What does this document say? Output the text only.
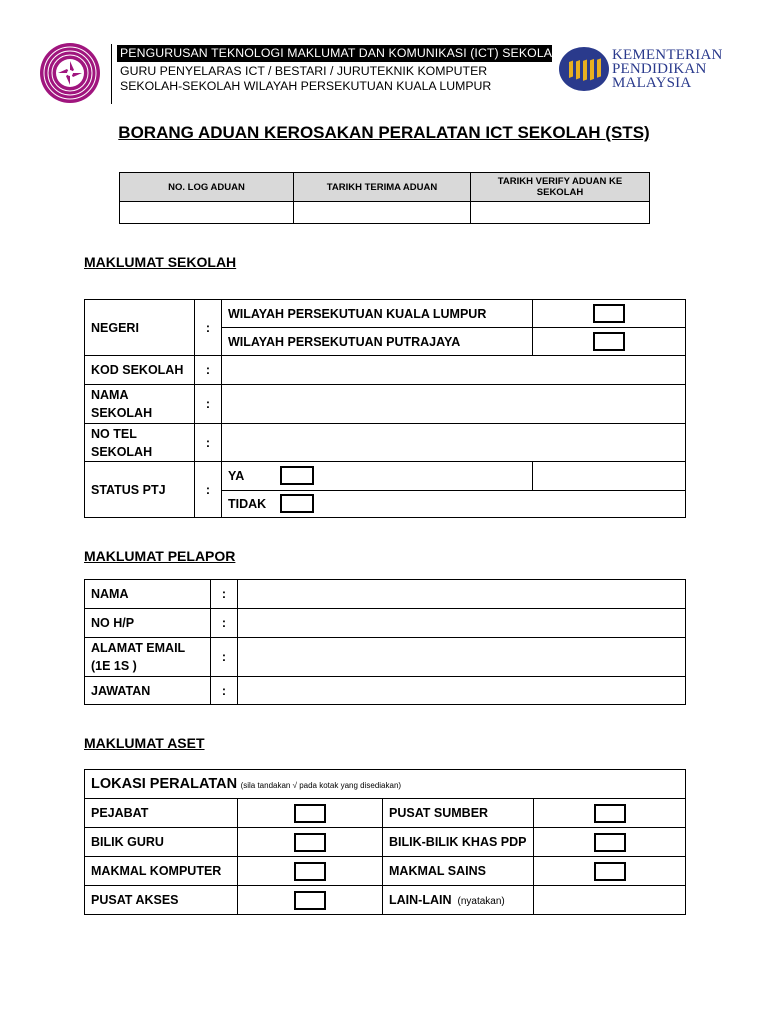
PENGURUSAN TEKNOLOGI MAKLUMAT DAN KOMUNIKASI (ICT) SEKOLAH
GURU PENYELARAS ICT / BESTARI / JURUTEKNIK KOMPUTER
SEKOLAH-SEKOLAH WILAYAH PERSEKUTUAN KUALA LUMPUR
KEMENTERIAN
PENDIDIKAN
MALAYSIA
BORANG ADUAN KEROSAKAN PERALATAN ICT SEKOLAH (STS)
NO. LOG ADUAN	TARIKH TERIMA ADUAN	TARIKH VERIFY ADUAN KE SEKOLAH

MAKLUMAT SEKOLAH
NEGERI	:	WILAYAH PERSEKUTUAN KUALA LUMPUR	
		WILAYAH PERSEKUTUAN PUTRAJAYA	
KOD SEKOLAH	:		
NAMA SEKOLAH	:		
NO TEL SEKOLAH	:		
STATUS PTJ	:	YA

		TIDAK	
MAKLUMAT PELAPOR
NAMA	:	
NO H/P	:	
ALAMAT EMAIL (1E 1S )	:	
JAWATAN	:	
MAKLUMAT ASET
LOKASI PERALATAN (sila tandakan √ pada kotak yang disediakan)			
PEJABAT		PUSAT SUMBER	
BILIK GURU		BILIK-BILIK KHAS PDP	
MAKMAL KOMPUTER		MAKMAL SAINS	
PUSAT AKSES		LAIN-LAIN (nyatakan)	
